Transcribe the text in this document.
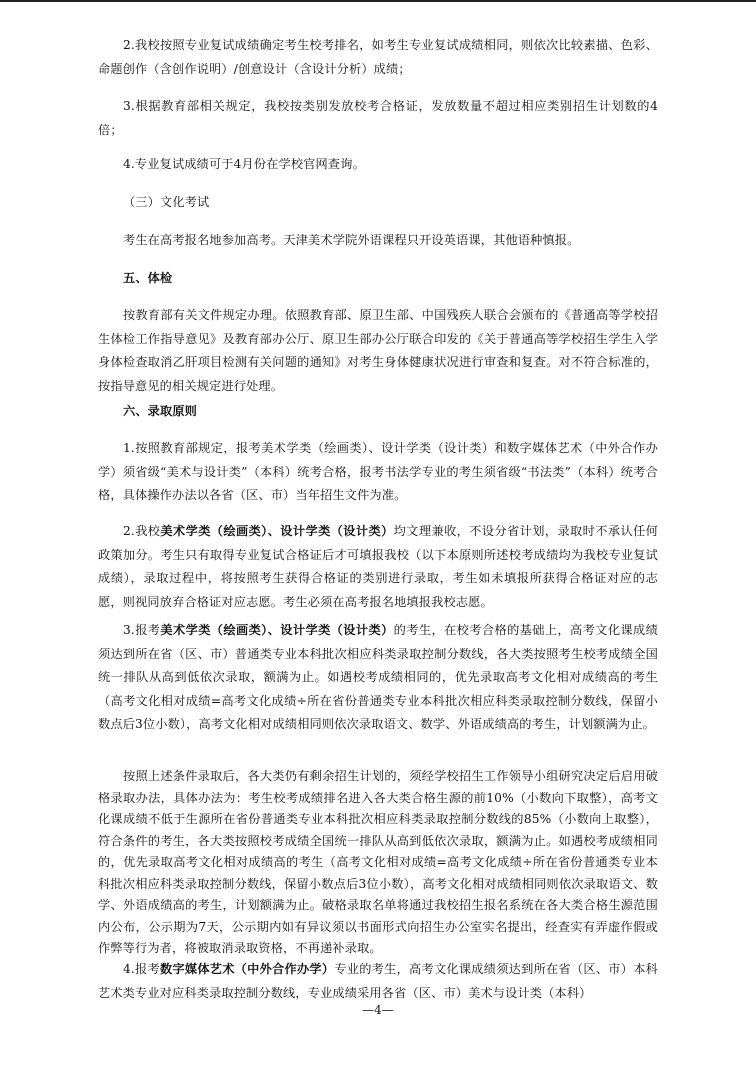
2.我校按照专业复试成绩确定考生校考排名，如考生专业复试成绩相同，则依次比较素描、色彩、命题创作（含创作说明）/创意设计（含设计分析）成绩；
3.根据教育部相关规定，我校按类别发放校考合格证，发放数量不超过相应类别招生计划数的4倍；
4.专业复试成绩可于4月份在学校官网查询。
（三）文化考试
考生在高考报名地参加高考。天津美术学院外语课程只开设英语课，其他语种慎报。
五、体检
按教育部有关文件规定办理。依照教育部、原卫生部、中国残疾人联合会颁布的《普通高等学校招生体检工作指导意见》及教育部办公厅、原卫生部办公厅联合印发的《关于普通高等学校招生学生入学身体检查取消乙肝项目检测有关问题的通知》对考生身体健康状况进行审查和复查。对不符合标准的，按指导意见的相关规定进行处理。
六、录取原则
1.按照教育部规定，报考美术学类（绘画类）、设计学类（设计类）和数字媒体艺术（中外合作办学）须省级“美术与设计类”（本科）统考合格，报考书法学专业的考生须省级“书法类”（本科）统考合格，具体操作办法以各省（区、市）当年招生文件为准。
2.我校美术学类（绘画类）、设计学类（设计类）均文理兼收，不设分省计划，录取时不承认任何政策加分。考生只有取得专业复试合格证后才可填报我校（以下本原则所述校考成绩均为我校专业复试成绩），录取过程中，将按照考生获得合格证的类别进行录取，考生如未填报所获得合格证对应的志愿，则视同放弃合格证对应志愿。考生必须在高考报名地填报我校志愿。
3.报考美术学类（绘画类）、设计学类（设计类）的考生，在校考合格的基础上，高考文化课成绩须达到所在省（区、市）普通类专业本科批次相应科类录取控制分数线，各大类按照考生校考成绩全国统一排队从高到低依次录取，额满为止。如遇校考成绩相同的，优先录取高考文化相对成绩高的考生（高考文化相对成绩=高考文化成绩÷所在省份普通类专业本科批次相应科类录取控制分数线，保留小数点后3位小数），高考文化相对成绩相同则依次录取语文、数学、外语成绩高的考生，计划额满为止。
按照上述条件录取后，各大类仍有剩余招生计划的，须经学校招生工作领导小组研究决定后启用破格录取办法，具体办法为：考生校考成绩排名进入各大类合格生源的前10%（小数向下取整），高考文化课成绩不低于生源所在省份普通类专业本科批次相应科类录取控制分数线的85%（小数向上取整），符合条件的考生，各大类按照校考成绩全国统一排队从高到低依次录取，额满为止。如遇校考成绩相同的，优先录取高考文化相对成绩高的考生（高考文化相对成绩=高考文化成绩÷所在省份普通类专业本科批次相应科类录取控制分数线，保留小数点后3位小数），高考文化相对成绩相同则依次录取语文、数学、外语成绩高的考生，计划额满为止。破格录取名单将通过我校招生报名系统在各大类合格生源范围内公布，公示期为7天，公示期内如有异议须以书面形式向招生办公室实名提出，经查实有弄虚作假或作弊等行为者，将被取消录取资格，不再递补录取。
4.报考数字媒体艺术（中外合作办学）专业的考生，高考文化课成绩须达到所在省（区、市）本科艺术类专业对应科类录取控制分数线，专业成绩采用各省（区、市）美术与设计类（本科）
—4—
